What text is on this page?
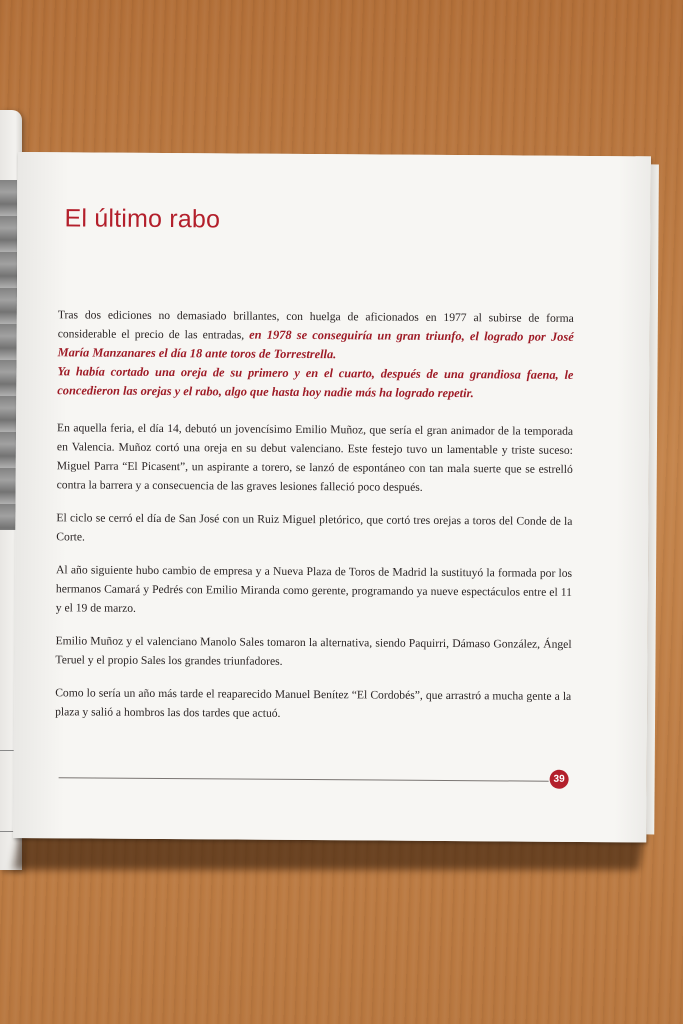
El último rabo

Tras dos ediciones no demasiado brillantes, con huelga de aficionados en 1977 al subirse de forma considerable el precio de las entradas, en 1978 se conseguiría un gran triunfo, el logrado por José María Manzanares el día 18 ante toros de Torrestrella.
Ya había cortado una oreja de su primero y en el cuarto, después de una grandiosa faena, le concedieron las orejas y el rabo, algo que hasta hoy nadie más ha logrado repetir.

En aquella feria, el día 14, debutó un jovencísimo Emilio Muñoz, que sería el gran animador de la temporada en Valencia. Muñoz cortó una oreja en su debut valenciano. Este festejo tuvo un lamentable y triste suceso: Miguel Parra “El Picasent”, un aspirante a torero, se lanzó de espontáneo con tan mala suerte que se estrelló contra la barrera y a consecuencia de las graves lesiones falleció poco después.

El ciclo se cerró el día de San José con un Ruiz Miguel pletórico, que cortó tres orejas a toros del Conde de la Corte.

Al año siguiente hubo cambio de empresa y a Nueva Plaza de Toros de Madrid la sustituyó la formada por los hermanos Camará y Pedrés con Emilio Miranda como gerente, programando ya nueve espectáculos entre el 11 y el 19 de marzo.

Emilio Muñoz y el valenciano Manolo Sales tomaron la alternativa, siendo Paquirri, Dámaso González, Ángel Teruel y el propio Sales los grandes triunfadores.

Como lo sería un año más tarde el reaparecido Manuel Benítez “El Cordobés”, que arrastró a mucha gente a la plaza y salió a hombros las dos tardes que actuó.

39
